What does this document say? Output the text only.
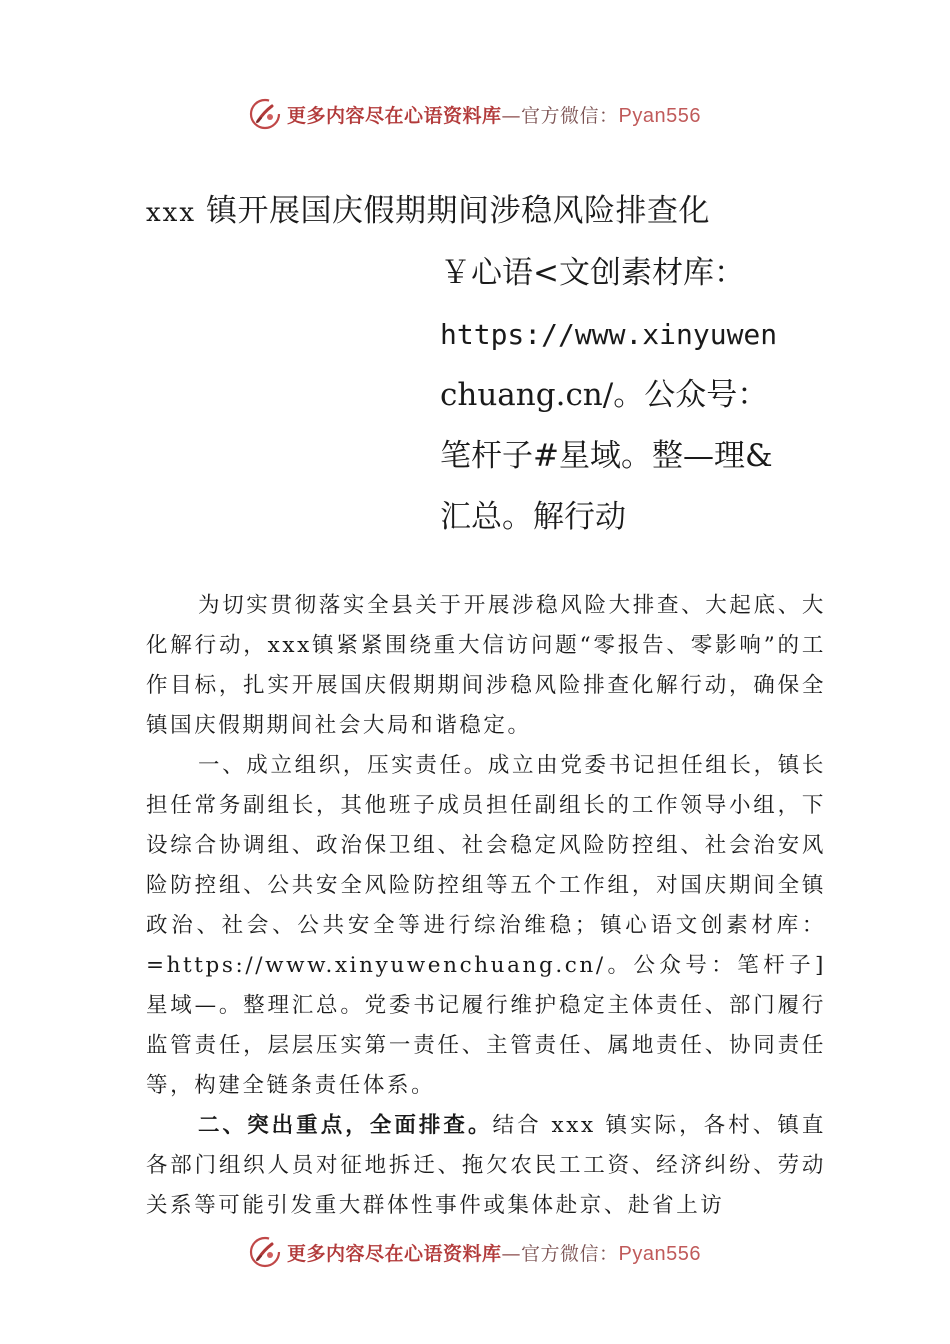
更多内容尽在心语资料库—官方微信：Pyan556
xxx 镇开展国庆假期期间涉稳风险排查化
￥心语<文创素材库：
https://www.xinyuwen
chuang.cn/。公众号：
笔杆子#星域。整—理&
汇总。解行动

为切实贯彻落实全县关于开展涉稳风险大排查、大起底、大化解行动，xxx镇紧紧围绕重大信访问题“零报告、零影响”的工作目标，扎实开展国庆假期期间涉稳风险排查化解行动，确保全镇国庆假期期间社会大局和谐稳定。

一、成立组织，压实责任。成立由党委书记担任组长，镇长担任常务副组长，其他班子成员担任副组长的工作领导小组，下设综合协调组、政治保卫组、社会稳定风险防控组、社会治安风险防控组、公共安全风险防控组等五个工作组，对国庆期间全镇政治、社会、公共安全等进行综治维稳；镇心语文创素材库：=https://www.xinyuwenchuang.cn/。公众号：笔杆子]星域—。整理汇总。党委书记履行维护稳定主体责任、部门履行监管责任，层层压实第一责任、主管责任、属地责任、协同责任等，构建全链条责任体系。

二、突出重点，全面排查。结合 xxx 镇实际，各村、镇直各部门组织人员对征地拆迁、拖欠农民工工资、经济纠纷、劳动关系等可能引发重大群体性事件或集体赴京、赴省上访

更多内容尽在心语资料库—官方微信：Pyan556
